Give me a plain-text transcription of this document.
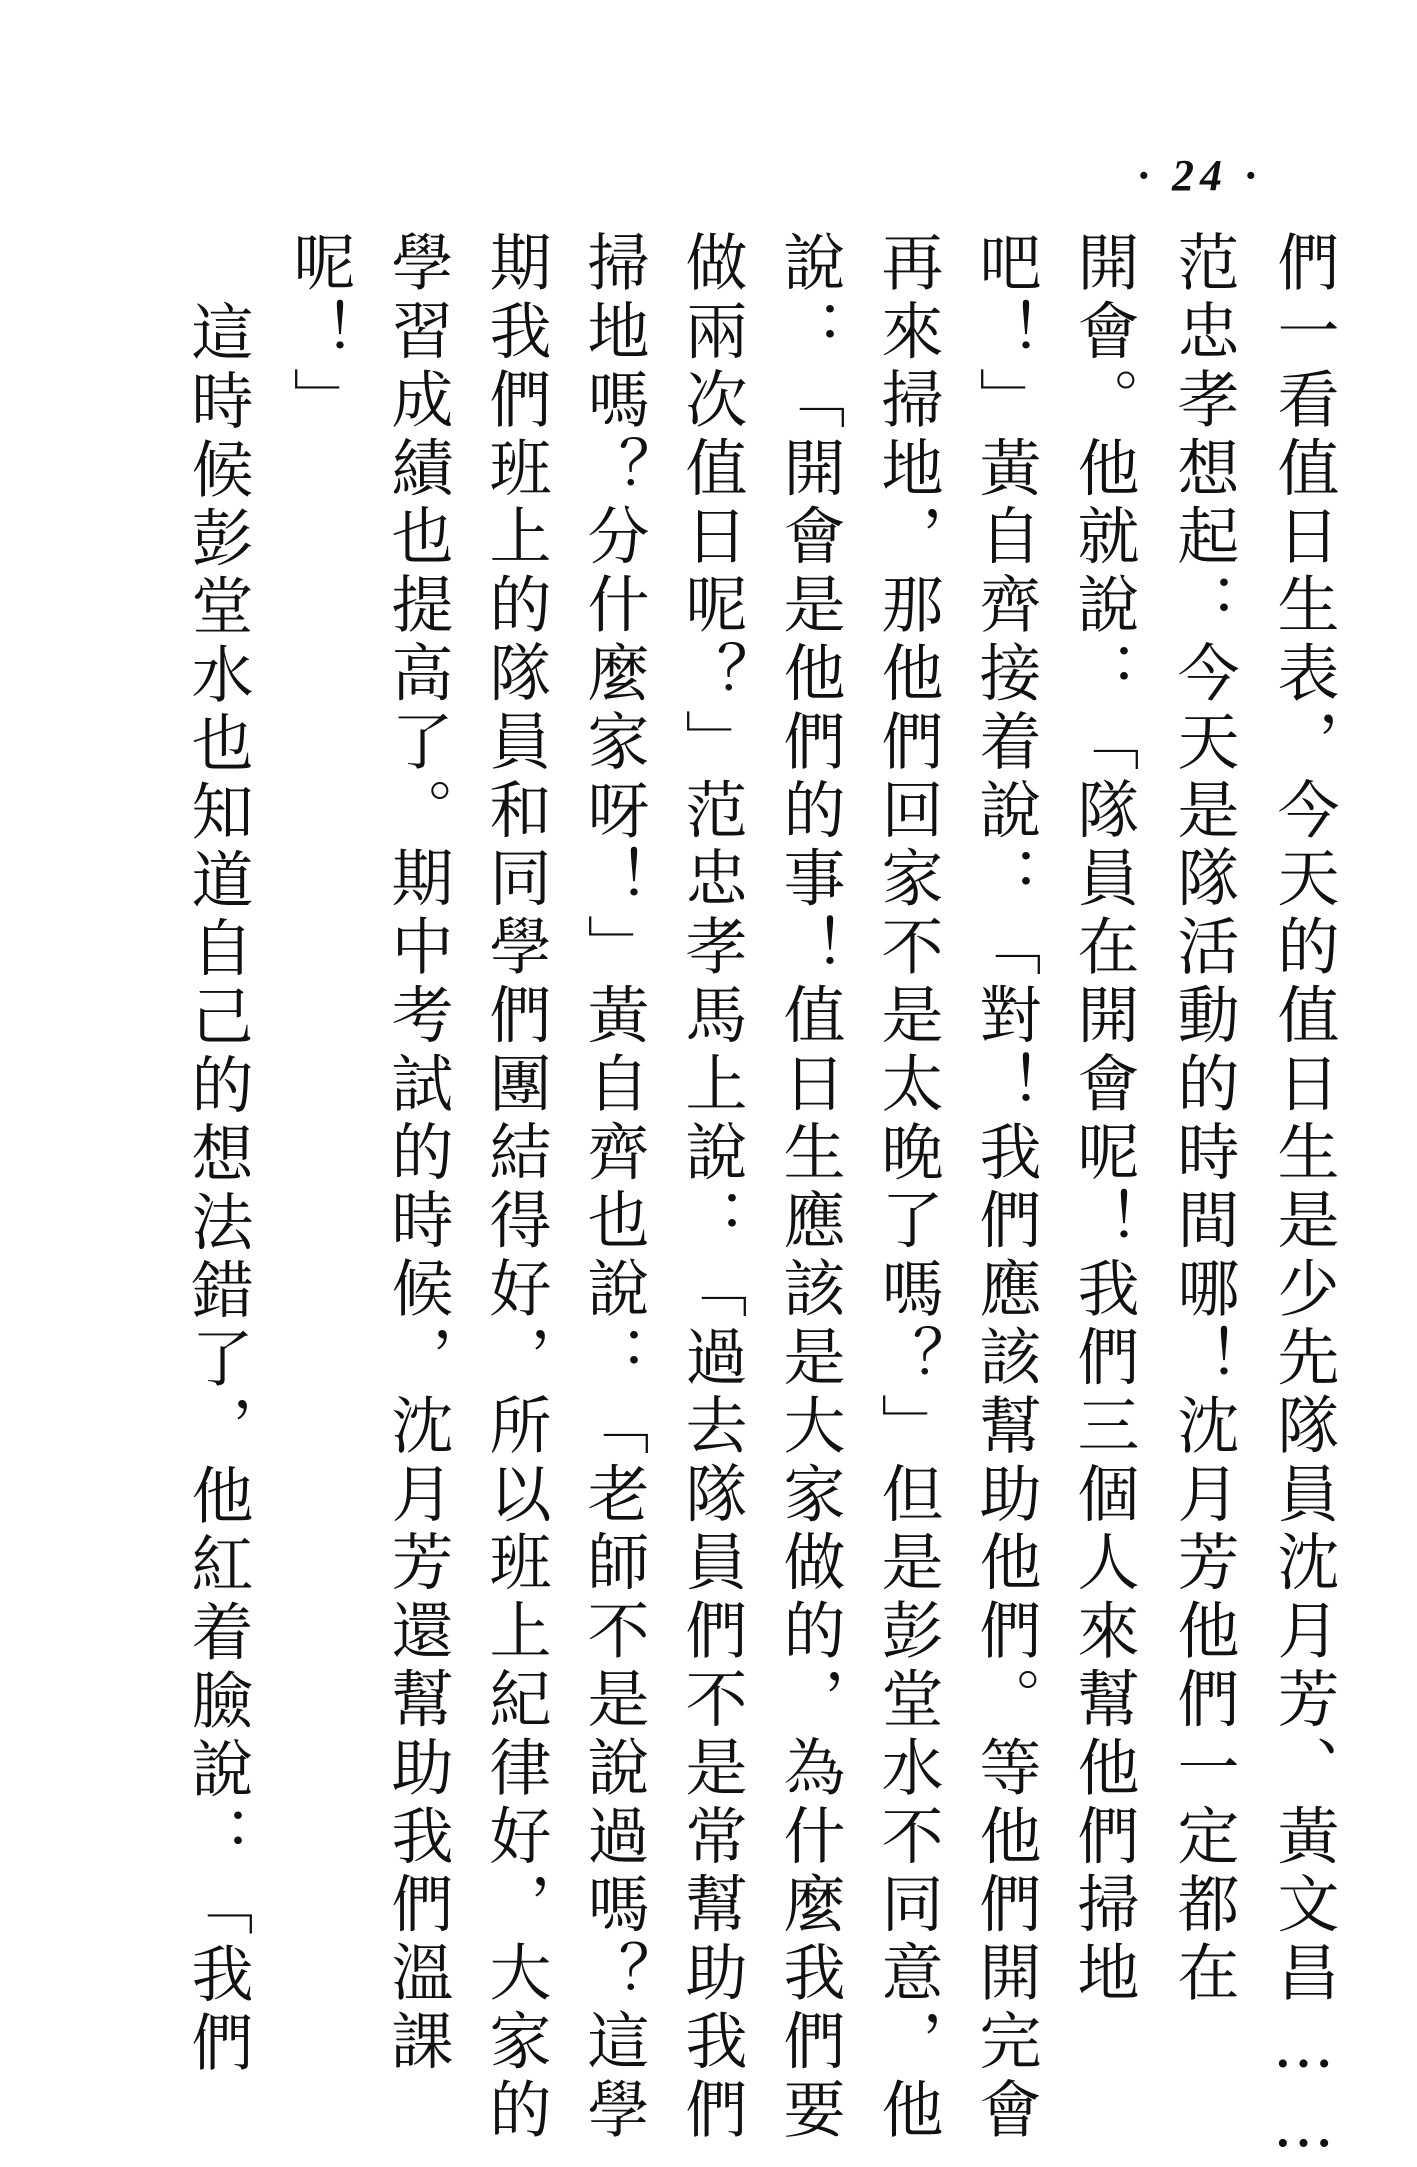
· 24 ·
們一看值日生表，今天的值日生是少先隊員沈月芳、黃文昌……
范忠孝想起：今天是隊活動的時間哪！沈月芳他們一定都在
開會。他就說：「隊員在開會呢！我們三個人來幫他們掃地
吧！」黃自齊接着說：「對！我們應該幫助他們。等他們開完會
再來掃地，那他們回家不是太晚了嗎？」但是彭堂水不同意，他
說：「開會是他們的事！值日生應該是大家做的，為什麼我們要
做兩次值日呢？」范忠孝馬上說：「過去隊員們不是常幫助我們
掃地嗎？分什麼家呀！」黃自齊也說：「老師不是說過嗎？這學
期我們班上的隊員和同學們團結得好，所以班上紀律好，大家的
學習成績也提高了。期中考試的時候，沈月芳還幫助我們溫課
呢！」
這時候彭堂水也知道自己的想法錯了，他紅着臉說：「我們
